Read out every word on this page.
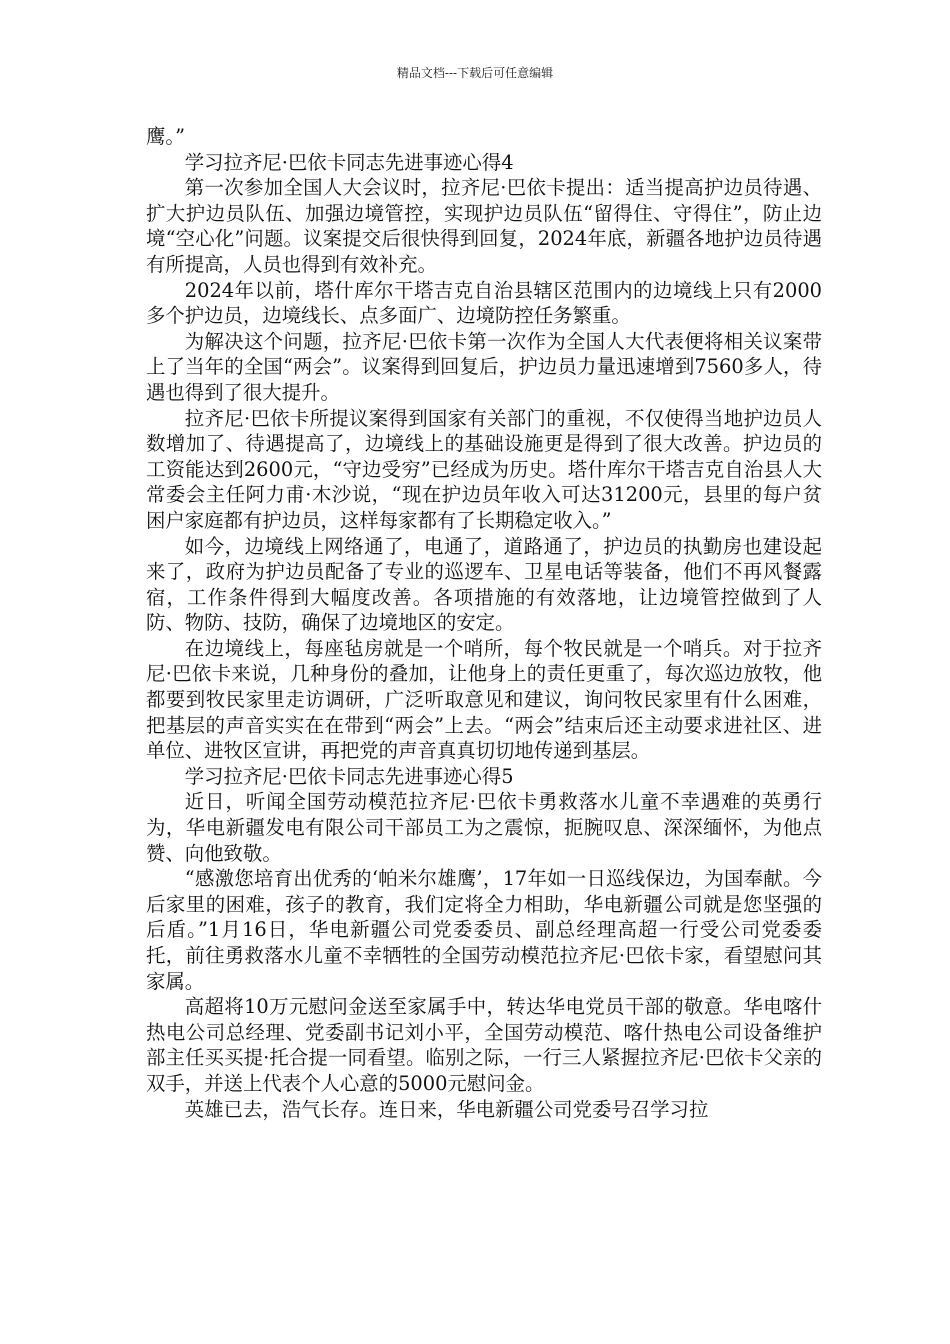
精品文档---下载后可任意编辑

鹰。”

学习拉齐尼·巴依卡同志先进事迹心得4

第一次参加全国人大会议时，拉齐尼·巴依卡提出：适当提高护边员待遇、扩大护边员队伍、加强边境管控，实现护边员队伍“留得住、守得住”，防止边境“空心化”问题。议案提交后很快得到回复，2024年底，新疆各地护边员待遇有所提高，人员也得到有效补充。

2024年以前，塔什库尔干塔吉克自治县辖区范围内的边境线上只有2000多个护边员，边境线长、点多面广、边境防控任务繁重。

为解决这个问题，拉齐尼·巴依卡第一次作为全国人大代表便将相关议案带上了当年的全国“两会”。议案得到回复后，护边员力量迅速增到7560多人，待遇也得到了很大提升。

拉齐尼·巴依卡所提议案得到国家有关部门的重视，不仅使得当地护边员人数增加了、待遇提高了，边境线上的基础设施更是得到了很大改善。护边员的工资能达到2600元，“守边受穷”已经成为历史。塔什库尔干塔吉克自治县人大常委会主任阿力甫·木沙说，“现在护边员年收入可达31200元，县里的每户贫困户家庭都有护边员，这样每家都有了长期稳定收入。”

如今，边境线上网络通了，电通了，道路通了，护边员的执勤房也建设起来了，政府为护边员配备了专业的巡逻车、卫星电话等装备，他们不再风餐露宿，工作条件得到大幅度改善。各项措施的有效落地，让边境管控做到了人防、物防、技防，确保了边境地区的安定。

在边境线上，每座毡房就是一个哨所，每个牧民就是一个哨兵。对于拉齐尼·巴依卡来说，几种身份的叠加，让他身上的责任更重了，每次巡边放牧，他都要到牧民家里走访调研，广泛听取意见和建议，询问牧民家里有什么困难，把基层的声音实实在在带到“两会”上去。“两会”结束后还主动要求进社区、进单位、进牧区宣讲，再把党的声音真真切切地传递到基层。

学习拉齐尼·巴依卡同志先进事迹心得5

近日，听闻全国劳动模范拉齐尼·巴依卡勇救落水儿童不幸遇难的英勇行为，华电新疆发电有限公司干部员工为之震惊，扼腕叹息、深深缅怀，为他点赞、向他致敬。

“感激您培育出优秀的‘帕米尔雄鹰’，17年如一日巡线保边，为国奉献。今后家里的困难，孩子的教育，我们定将全力相助，华电新疆公司就是您坚强的后盾。”1月16日，华电新疆公司党委委员、副总经理高超一行受公司党委委托，前往勇救落水儿童不幸牺牲的全国劳动模范拉齐尼·巴依卡家，看望慰问其家属。

高超将10万元慰问金送至家属手中，转达华电党员干部的敬意。华电喀什热电公司总经理、党委副书记刘小平，全国劳动模范、喀什热电公司设备维护部主任买买提·托合提一同看望。临别之际，一行三人紧握拉齐尼·巴依卡父亲的双手，并送上代表个人心意的5000元慰问金。

英雄已去，浩气长存。连日来，华电新疆公司党委号召学习拉
